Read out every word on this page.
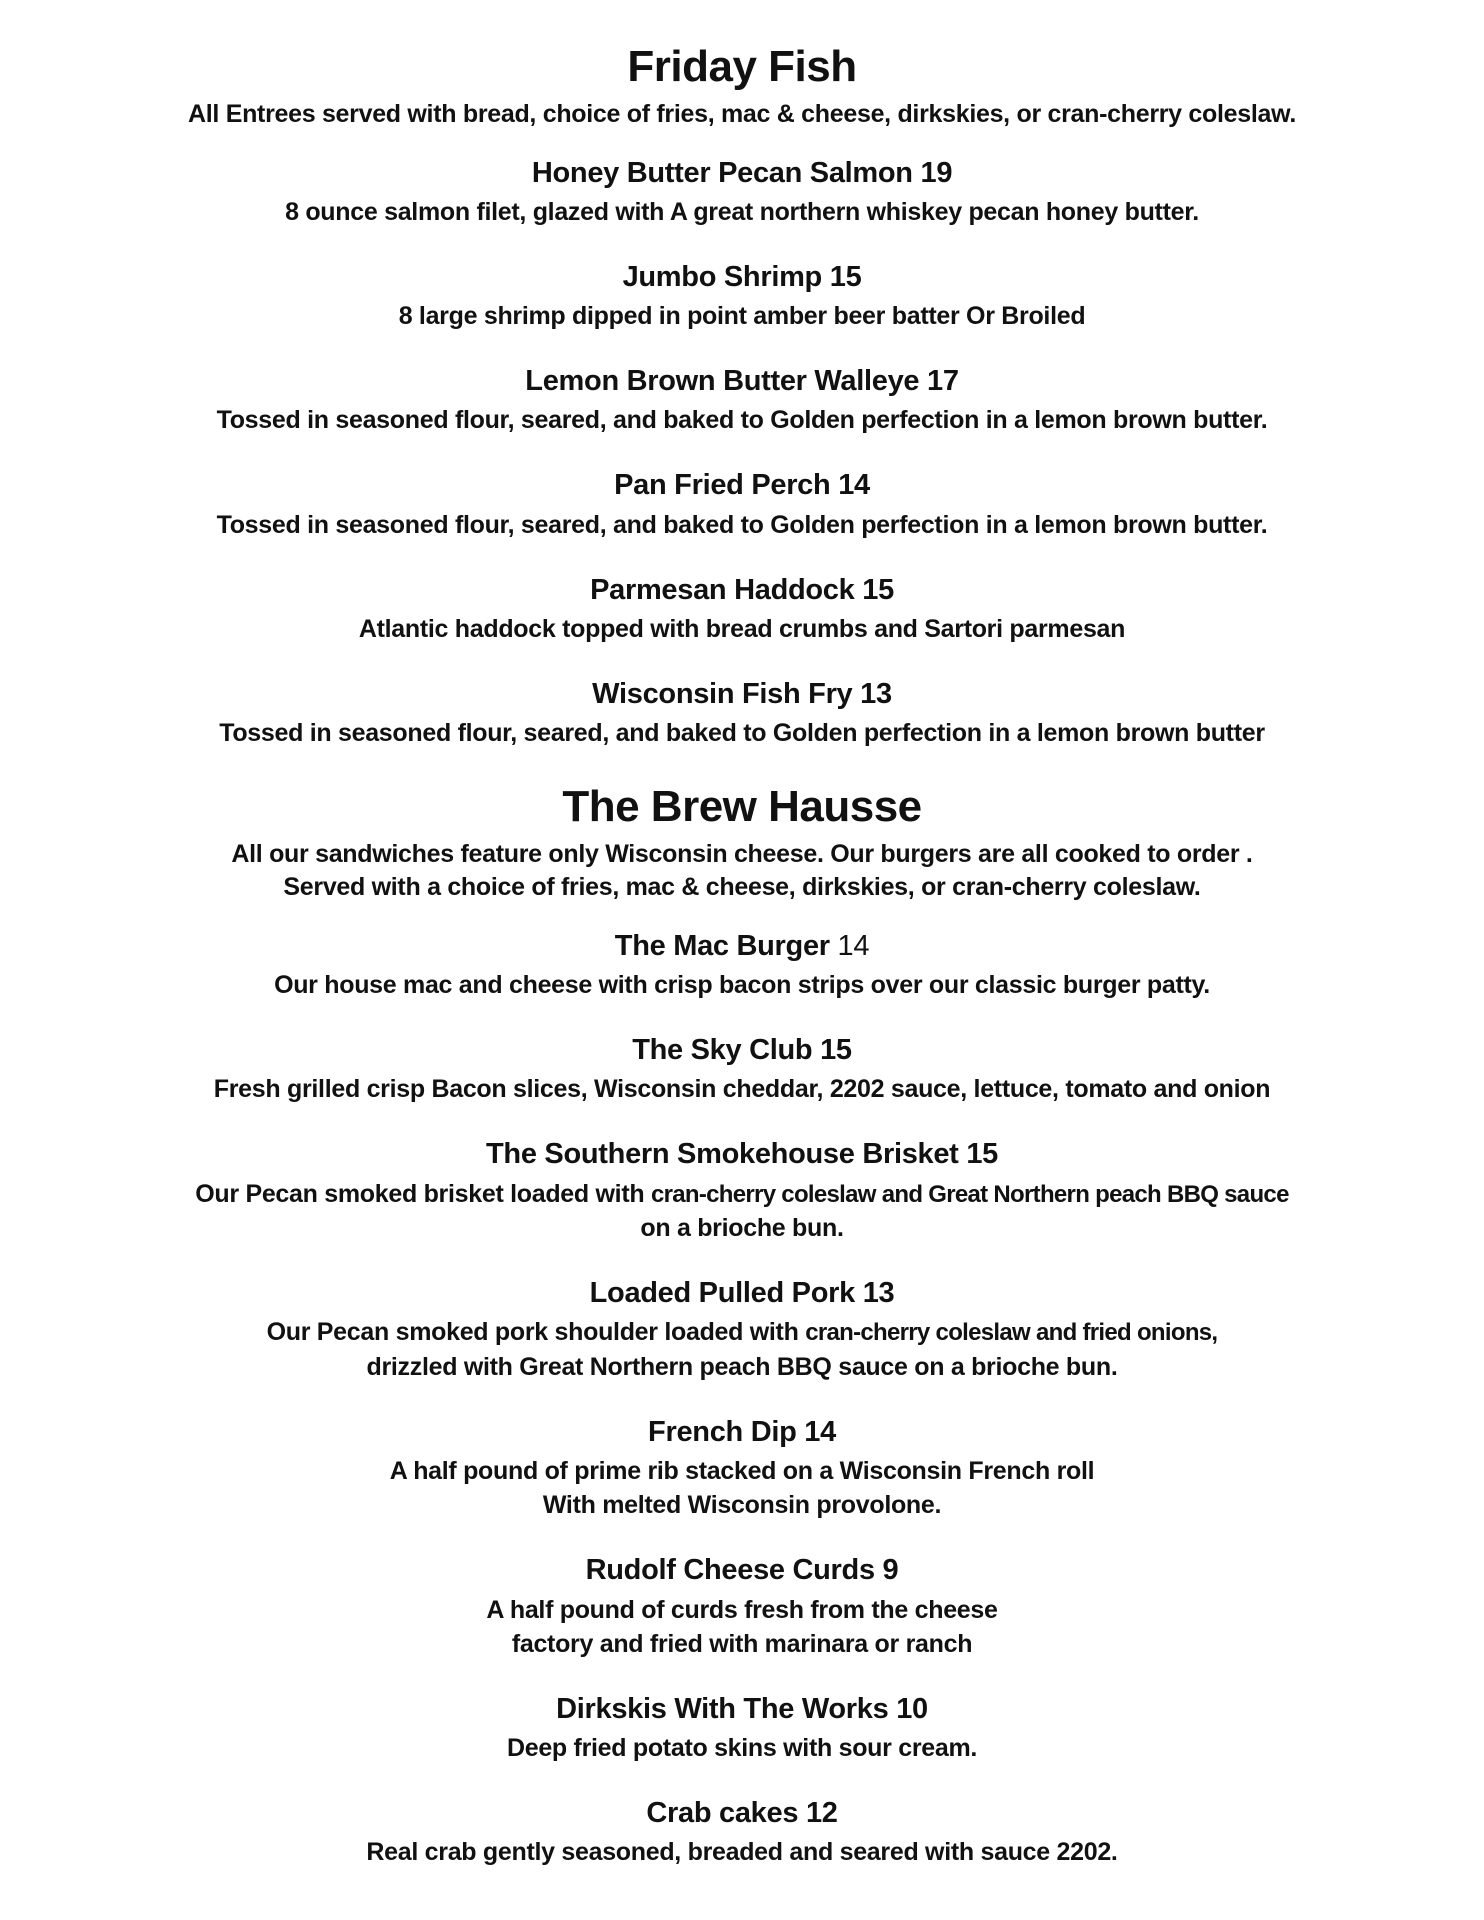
Friday Fish

All Entrees served with bread, choice of fries, mac & cheese, dirkskies, or cran-cherry coleslaw.

Honey Butter Pecan Salmon 19

8 ounce salmon filet, glazed with A great northern whiskey pecan honey butter.

Jumbo Shrimp 15

8 large shrimp dipped in point amber beer batter Or Broiled

Lemon Brown Butter Walleye 17

Tossed in seasoned flour, seared, and baked to Golden perfection in a lemon brown butter.

Pan Fried Perch 14

Tossed in seasoned flour, seared, and baked to Golden perfection in a lemon brown butter.

Parmesan Haddock 15

Atlantic haddock topped with bread crumbs and Sartori parmesan

Wisconsin Fish Fry 13

Tossed in seasoned flour, seared, and baked to Golden perfection in a lemon brown butter

The Brew Hausse

All our sandwiches feature only Wisconsin cheese. Our burgers are all cooked to order .

Served with a choice of fries, mac & cheese, dirkskies, or cran-cherry coleslaw.

The Mac Burger 14

Our house mac and cheese with crisp bacon strips over our classic burger patty.

The Sky Club 15

Fresh grilled crisp Bacon slices, Wisconsin cheddar, 2202 sauce, lettuce, tomato and onion

The Southern Smokehouse Brisket 15

Our Pecan smoked brisket loaded with cran-cherry coleslaw and Great Northern peach BBQ sauce
on a brioche bun.

Loaded Pulled Pork 13

Our Pecan smoked pork shoulder loaded with cran-cherry coleslaw and fried onions,
drizzled with Great Northern peach BBQ sauce on a brioche bun.

French Dip 14

A half pound of prime rib stacked on a Wisconsin French roll
With melted Wisconsin provolone.

Rudolf Cheese Curds 9

A half pound of curds fresh from the cheese
factory and fried with marinara or ranch

Dirkskis With The Works 10

Deep fried potato skins with sour cream.

Crab cakes 12

Real crab gently seasoned, breaded and seared with sauce 2202.
